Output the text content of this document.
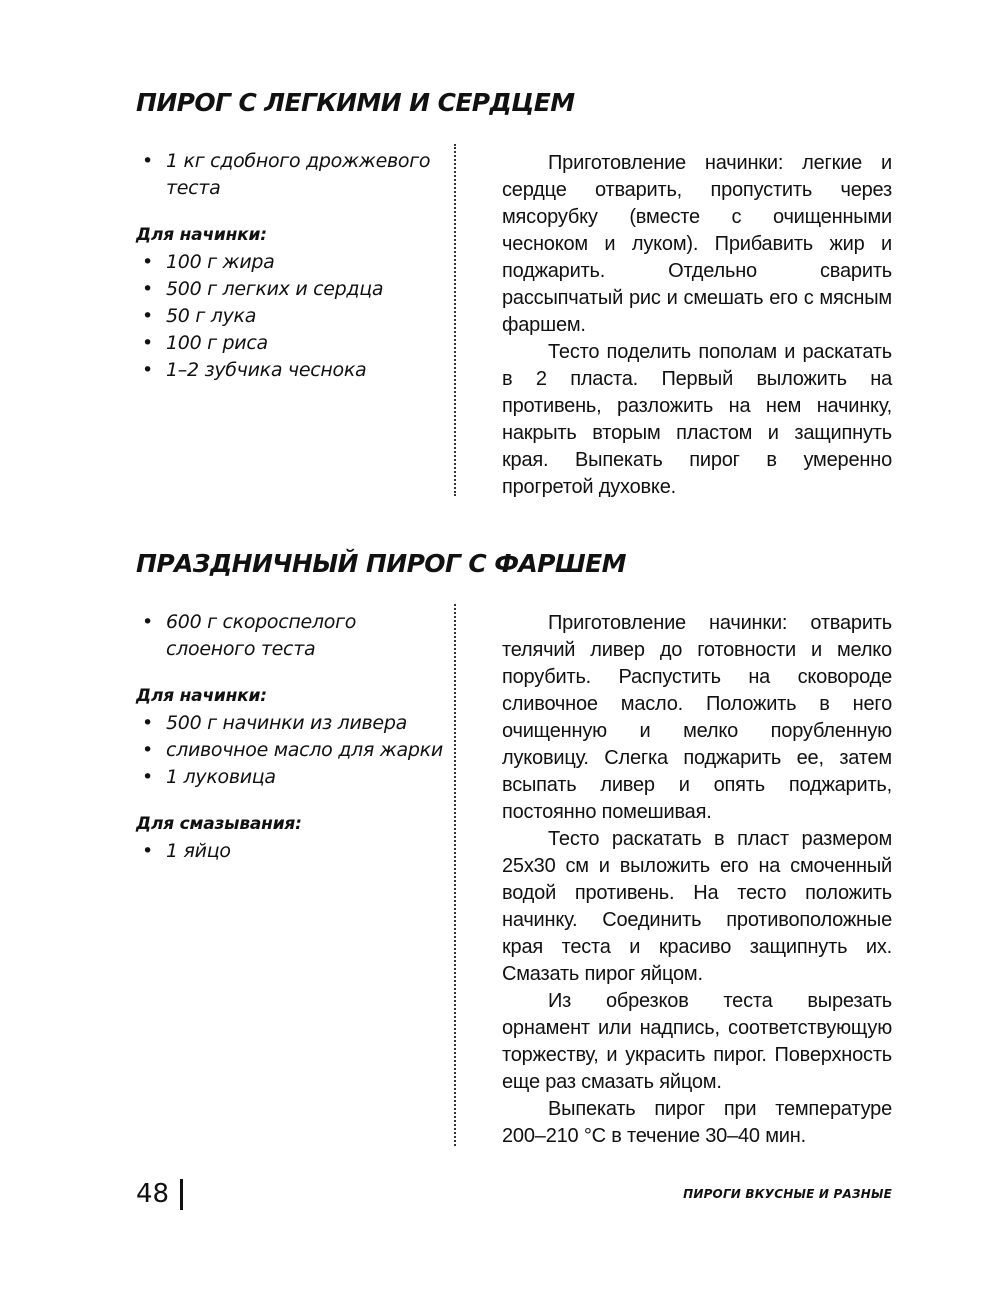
ПИРОГ С ЛЕГКИМИ И СЕРДЦЕМ
• 1 кг сдобного дрожжевого теста
Для начинки:
• 100 г жира
• 500 г легких и сердца
• 50 г лука
• 100 г риса
• 1–2 зубчика чеснока

Приготовление начинки: легкие и сердце отварить, пропустить через мясорубку (вместе с очищенными чесноком и луком). Прибавить жир и поджарить. Отдельно сварить рассыпчатый рис и смешать его с мясным фаршем.

Тесто поделить пополам и раскатать в 2 пласта. Первый выложить на противень, разложить на нем начинку, накрыть вторым пластом и защипнуть края. Выпекать пирог в умеренно прогретой духовке.

ПРАЗДНИЧНЫЙ ПИРОГ С ФАРШЕМ
• 600 г скороспелого слоеного теста
Для начинки:
• 500 г начинки из ливера
• сливочное масло для жарки
• 1 луковица
Для смазывания:
• 1 яйцо

Приготовление начинки: отварить телячий ливер до готовности и мелко порубить. Распустить на сковороде сливочное масло. Положить в него очищенную и мелко порубленную луковицу. Слегка поджарить ее, затем всыпать ливер и опять поджарить, постоянно помешивая.

Тесто раскатать в пласт размером 25х30 см и выложить его на смоченный водой противень. На тесто положить начинку. Соединить противоположные края теста и красиво защипнуть их. Смазать пирог яйцом.

Из обрезков теста вырезать орнамент или надпись, соответствующую торжеству, и украсить пирог. Поверхность еще раз смазать яйцом.

Выпекать пирог при температуре 200–210 °С в течение 30–40 мин.

48	ПИРОГИ ВКУСНЫЕ И РАЗНЫЕ
